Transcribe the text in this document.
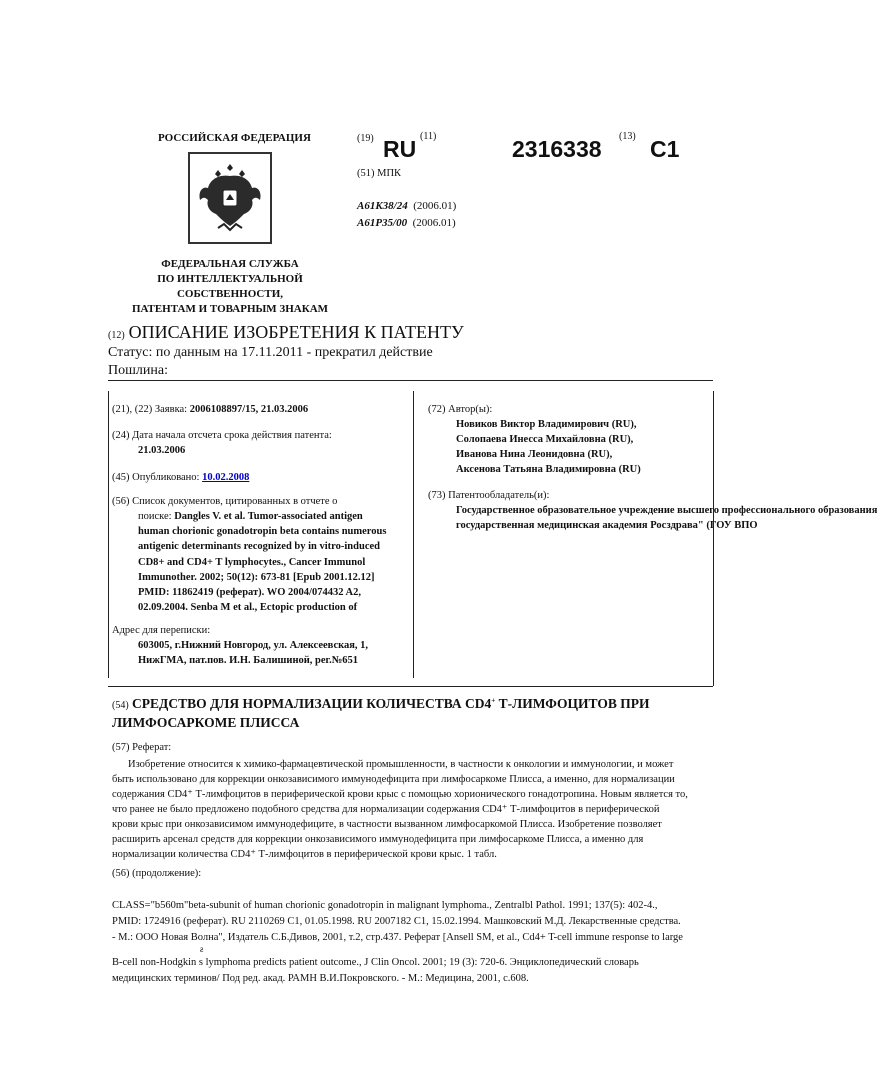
РОССИЙСКАЯ ФЕДЕРАЦИЯ
ФЕДЕРАЛЬНАЯ СЛУЖБА
ПО ИНТЕЛЛЕКТУАЛЬНОЙ
СОБСТВЕННОСТИ,
ПАТЕНТАМ И ТОВАРНЫМ ЗНАКАМ
(19) RU (11)	2316338 (13) C1
(51) МПК
A61K38/24 (2006.01)
A61P35/00 (2006.01)
(12) ОПИСАНИЕ ИЗОБРЕТЕНИЯ К ПАТЕНТУ
Статус: по данным на 17.11.2011 - прекратил действие
Пошлина:
(21), (22) Заявка: 2006108897/15, 21.03.2006
(24) Дата начала отсчета срока действия патента:
21.03.2006
(45) Опубликовано: 10.02.2008
(56) Список документов, цитированных в отчете о
поиске: Dangles V. et al. Tumor-associated antigen
human chorionic gonadotropin beta contains numerous
antigenic determinants recognized by in vitro-induced
CD8+ and CD4+ T lymphocytes., Cancer Immunol
Immunother. 2002; 50(12): 673-81 [Epub 2001.12.12]
PMID: 11862419 (реферат). WO 2004/074432 A2,
02.09.2004. Senba M et al., Ectopic production of
Адрес для переписки:
603005, г.Нижний Новгород, ул. Алексеевская, 1,
НижГМА, пат.пов. И.Н. Балишиной, рег.№651
(72) Автор(ы):
Новиков Виктор Владимирович (RU),
Солопаева Инесса Михайловна (RU),
Иванова Нина Леонидовна (RU),
Аксенова Татьяна Владимировна (RU)
(73) Патентообладатель(и):
Государственное образовательное учреждение высшего профессионального образования
государственная медицинская академия Росздрава" (ГОУ ВПО
(54) СРЕДСТВО ДЛЯ НОРМАЛИЗАЦИИ КОЛИЧЕСТВА CD4+ Т-ЛИМФОЦИТОВ ПРИ
ЛИМФОСАРКОМЕ ПЛИССА
(57) Реферат:
Изобретение относится к химико-фармацевтической промышленности, в частности к онкологии и иммунологии, и может
быть использовано для коррекции онкозависимого иммунодефицита при лимфосаркоме Плисса, а именно, для нормализации
содержания CD4⁺ Т-лимфоцитов в периферической крови крыс с помощью хорионического гонадотропина. Новым является то,
что ранее не было предложено подобного средства для нормализации содержания CD4⁺ Т-лимфоцитов в периферической
крови крыс при онкозависимом иммунодефиците, в частности вызванном лимфосаркомой Плисса. Изобретение позволяет
расширить арсенал средств для коррекции онкозависимого иммунодефицита при лимфосаркоме Плисса, а именно для
нормализации количества CD4⁺ Т-лимфоцитов в периферической крови крыс. 1 табл.
(56) (продолжение):
CLASS="b560m"beta-subunit of human chorionic gonadotropin in malignant lymphoma., Zentralbl Pathol. 1991; 137(5): 402-4.,
PMID: 1724916 (реферат). RU 2110269 C1, 01.05.1998. RU 2007182 C1, 15.02.1994. Машковский М.Д. Лекарственные средства.
- М.: ООО Новая Волна", Издатель С.Б.Дивов, 2001, т.2, стр.437. Реферат [Ansell SM, et al., Cd4+ T-cell immune response to large
ƨ
B-cell non-Hodgkin s lymphoma predicts patient outcome., J Clin Oncol. 2001; 19 (3): 720-6. Энциклопедический словарь
медицинских терминов/ Под ред. акад. РАМН В.И.Покровского. - М.: Медицина, 2001, с.608.
